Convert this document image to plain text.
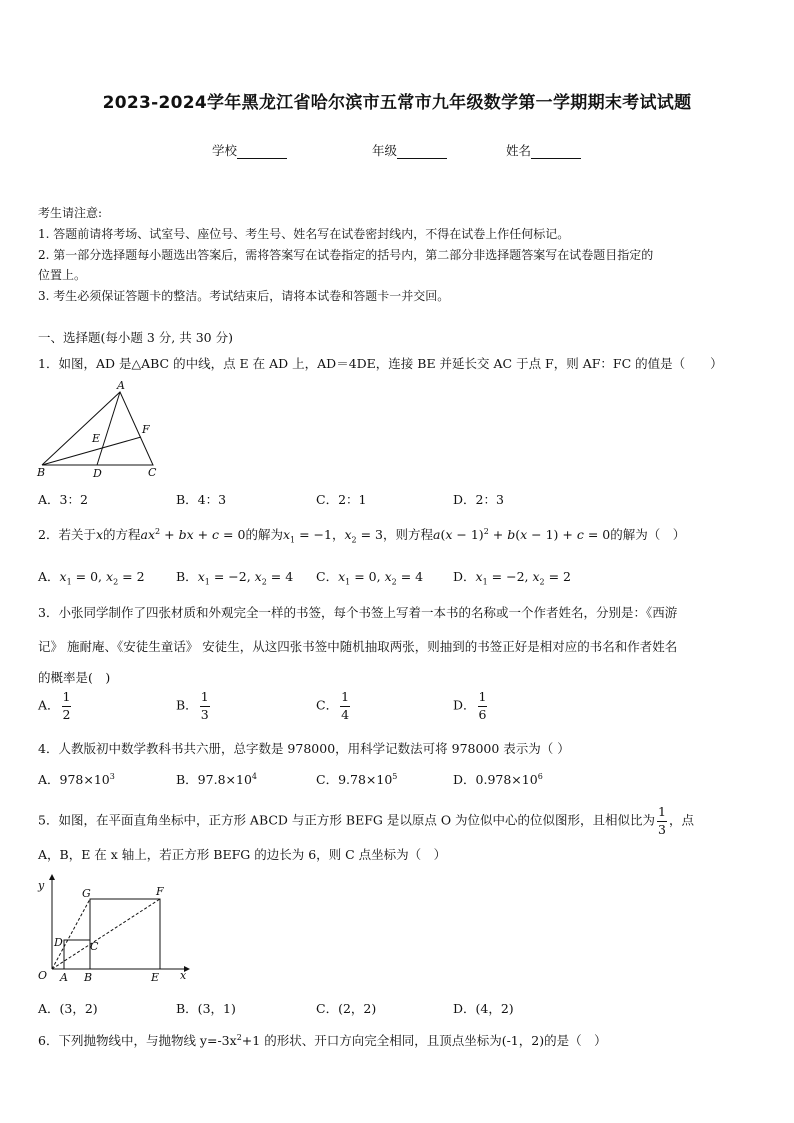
2023-2024学年黑龙江省哈尔滨市五常市九年级数学第一学期期末考试试题
学校	年级	姓名
考生请注意:
1. 答题前请将考场、试室号、座位号、考生号、姓名写在试卷密封线内，不得在试卷上作任何标记。
2. 第一部分选择题每小题选出答案后，需将答案写在试卷指定的括号内，第二部分非选择题答案写在试卷题目指定的
位置上。
3. 考生必须保证答题卡的整洁。考试结束后，请将本试卷和答题卡一并交回。
一、选择题(每小题 3 分, 共 30 分)
1．如图，AD 是△ABC 的中线，点 E 在 AD 上，AD＝4DE，连接 BE 并延长交 AC 于点 F，则 AF：FC 的值是（　　）
A
B	C
D
E
F
A．3：2	B．4：3	C．2：1	D．2：3
2．若关于x的方程$ax^2$ + bx + c = 0的解为$x_1 = -1$，$x_2 = 3$，则方程$a(x - 1)^2 + b(x - 1) + c = 0$的解为（　）
A．$x_1 = 0$, $x_2 = 2$	B．$x_1 = -2$, $x_2 = 4$ C．$x_1 = 0$, $x_2 = 4$ D．$x_1 = -2$, $x_2 = 2$
3．小张同学制作了四张材质和外观完全一样的书签，每个书签上写着一本书的名称或一个作者姓名，分别是：《西游
记》 施耐庵、《安徒生童话》 安徒生，从这四张书签中随机抽取两张，则抽到的书签正好是相对应的书名和作者姓名
的概率是(　)
A． $\frac{1}{2}$	B． $\frac{1}{3}$	C． $\frac{1}{4}$	D． $\frac{1}{6}$
4．人教版初中数学教科书共六册，总字数是 978000，用科学记数法可将 978000 表示为（ ）
A．$978\times 10^3$	B．$97.8\times 10^4$	C．$9.78\times 10^5$	D．$0.978\times 10^6$
5．如图，在平面直角坐标中，正方形 ABCD 与正方形 BEFG 是以原点 O 为位似中心的位似图形，且相似比为 $\frac{1}{3}$ ，点
A，B，E 在 x 轴上，若正方形 BEFG 的边长为 6，则 C 点坐标为（　）
y
x
O A B	E
C
D
G	F
A．(3，2)	B．(3，1)	C．(2，2)	D．(4，2)
6．下列抛物线中，与抛物线 $y=-3x^2+1$ 的形状、开口方向完全相同，且顶点坐标为(-1，2)的是（　）
